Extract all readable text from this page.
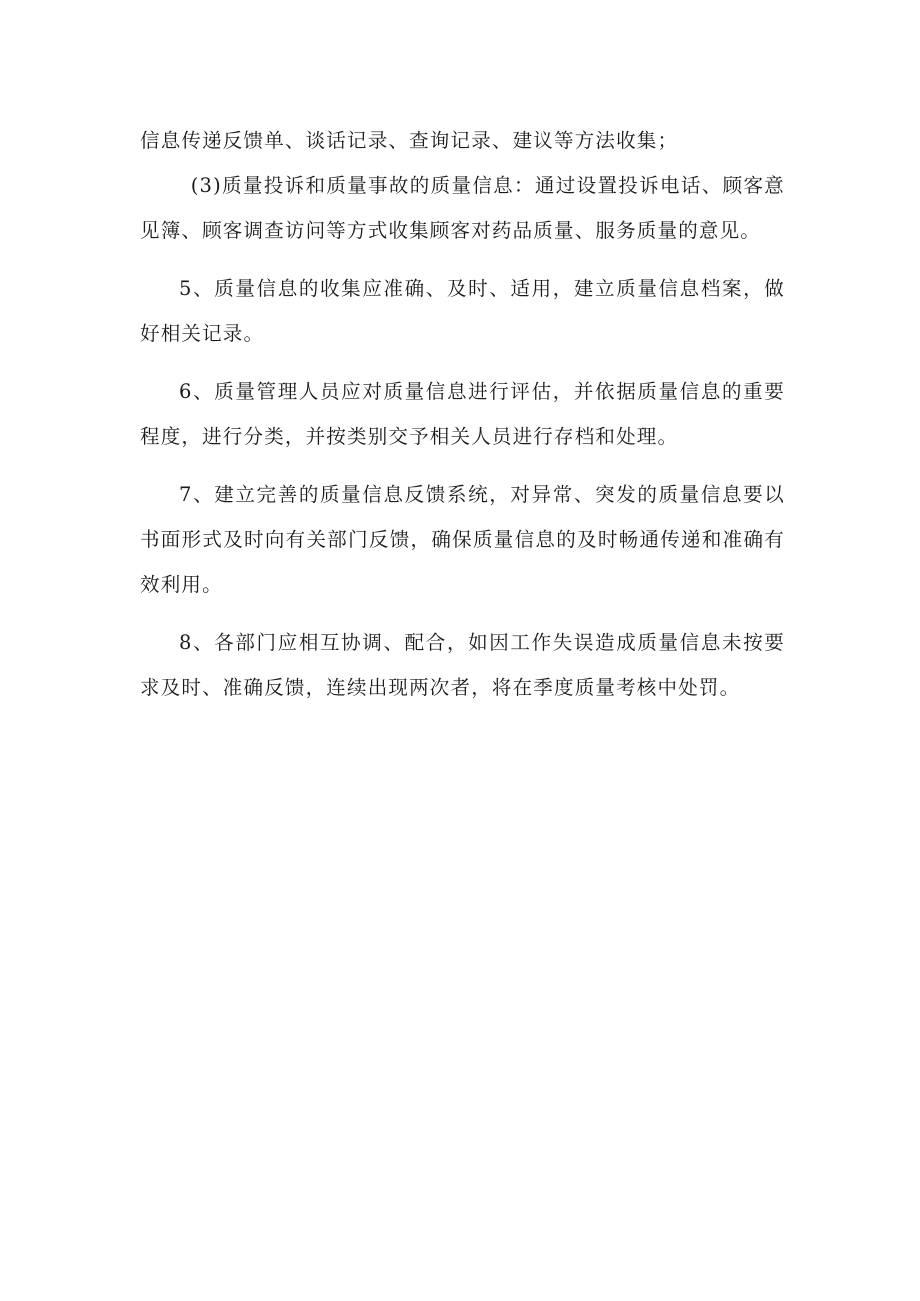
信息传递反馈单、谈话记录、查询记录、建议等方法收集；

(3)质量投诉和质量事故的质量信息：通过设置投诉电话、顾客意见簿、顾客调查访问等方式收集顾客对药品质量、服务质量的意见。

5、质量信息的收集应准确、及时、适用，建立质量信息档案，做好相关记录。

6、质量管理人员应对质量信息进行评估，并依据质量信息的重要程度，进行分类，并按类别交予相关人员进行存档和处理。

7、建立完善的质量信息反馈系统，对异常、突发的质量信息要以书面形式及时向有关部门反馈，确保质量信息的及时畅通传递和准确有效利用。

8、各部门应相互协调、配合，如因工作失误造成质量信息未按要求及时、准确反馈，连续出现两次者，将在季度质量考核中处罚。
